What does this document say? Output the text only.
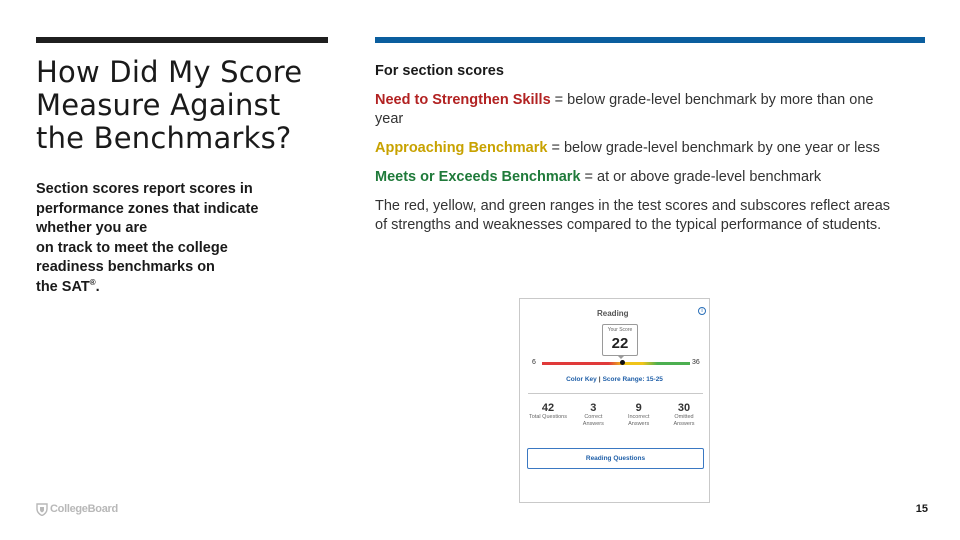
How Did My Score
Measure Against
the Benchmarks?
Section scores report scores in
performance zones that indicate
whether you are
on track to meet the college
readiness benchmarks on
the SAT®.
For section scores
Need to Strengthen Skills = below grade-level benchmark by more than one year
Approaching Benchmark = below grade-level benchmark by one year or less
Meets or Exceeds Benchmark = at or above grade-level benchmark
The red, yellow, and green ranges in the test scores and subscores reflect areas of strengths and weaknesses compared to the typical performance of students.
Reading	i
Your Score
22
6	36
Color Key | Score Range: 15-25
42
Total Questions
3
Correct
Answers
9
Incorrect
Answers
30
Omitted
Answers
Reading Questions
CollegeBoard	15
